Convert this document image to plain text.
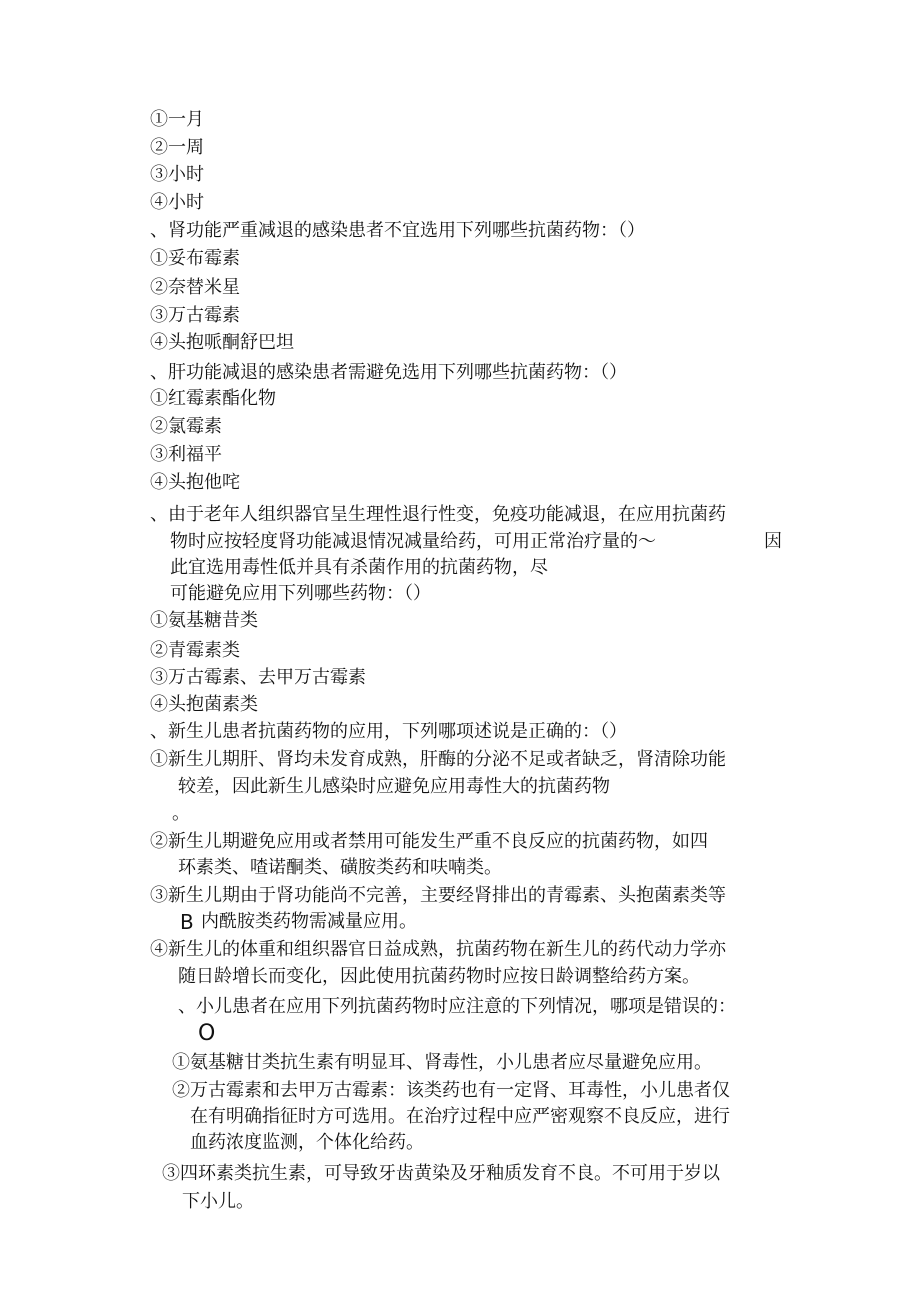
①一月
②一周
③小时
④小时
、肾功能严重减退的感染患者不宜选用下列哪些抗菌药物：（）
①妥布霉素
②奈替米星
③万古霉素
④头抱哌酮舒巴坦
、肝功能减退的感染患者需避免选用下列哪些抗菌药物：（）
①红霉素酯化物
②氯霉素
③利福平
④头抱他咤
、由于老年人组织器官呈生理性退行性变，免疫功能减退，在应用抗菌药
物时应按轻度肾功能减退情况减量给药，可用正常治疗量的～	因
此宜选用毒性低并具有杀菌作用的抗菌药物，尽
可能避免应用下列哪些药物：（）
①氨基糖昔类
②青霉素类
③万古霉素、去甲万古霉素
④头抱菌素类
、新生儿患者抗菌药物的应用，下列哪项述说是正确的：（）
①新生儿期肝、肾均未发育成熟，肝酶的分泌不足或者缺乏，肾清除功能
较差，因此新生儿感染时应避免应用毒性大的抗菌药物
。
②新生儿期避免应用或者禁用可能发生严重不良反应的抗菌药物，如四
环素类、喳诺酮类、磺胺类药和呋喃类。
③新生儿期由于肾功能尚不完善，主要经肾排出的青霉素、头抱菌素类等
B 内酰胺类药物需减量应用。
④新生儿的体重和组织器官日益成熟，抗菌药物在新生儿的药代动力学亦
随日龄增长而变化，因此使用抗菌药物时应按日龄调整给药方案。
、小儿患者在应用下列抗菌药物时应注意的下列情况，哪项是错误的：
O
①氨基糖甘类抗生素有明显耳、肾毒性，小儿患者应尽量避免应用。
②万古霉素和去甲万古霉素：该类药也有一定肾、耳毒性，小儿患者仅
在有明确指征时方可选用。在治疗过程中应严密观察不良反应，进行
血药浓度监测，个体化给药。
③四环素类抗生素，可导致牙齿黄染及牙釉质发育不良。不可用于岁以
下小儿。
